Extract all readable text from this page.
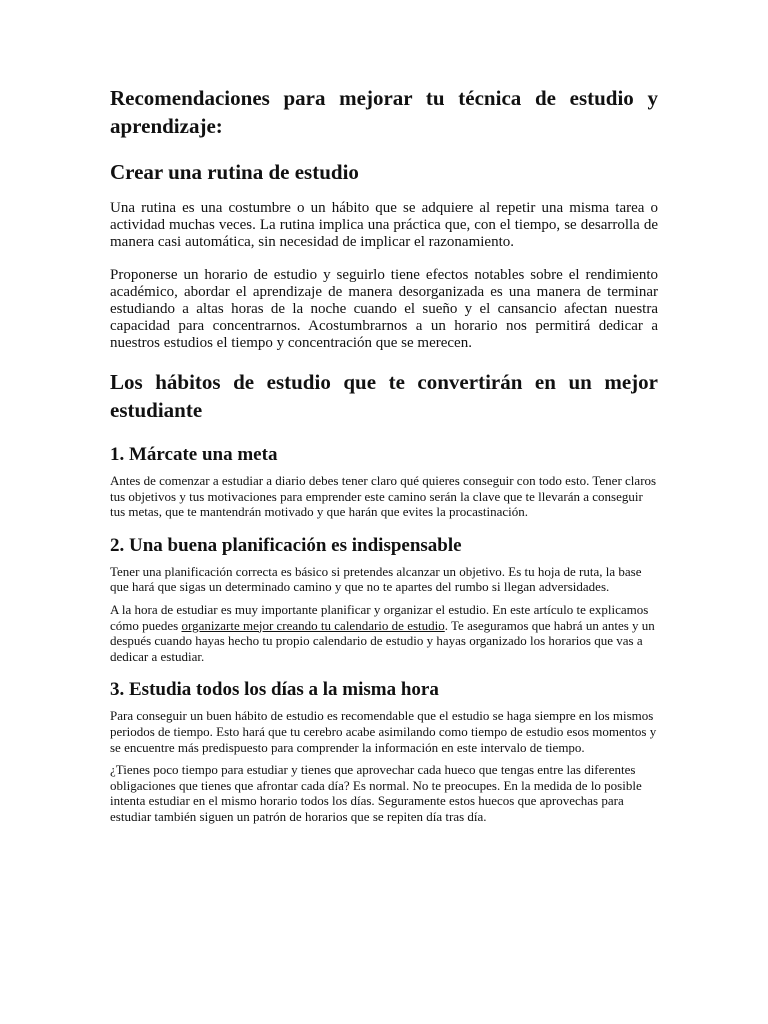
Recomendaciones para mejorar tu técnica de estudio y aprendizaje:
Crear una rutina de estudio

Una rutina es una costumbre o un hábito que se adquiere al repetir una misma tarea o actividad muchas veces. La rutina implica una práctica que, con el tiempo, se desarrolla de manera casi automática, sin necesidad de implicar el razonamiento.

Proponerse un horario de estudio y seguirlo tiene efectos notables sobre el rendimiento académico, abordar el aprendizaje de manera desorganizada es una manera de terminar estudiando a altas horas de la noche cuando el sueño y el cansancio afectan nuestra capacidad para concentrarnos. Acostumbrarnos a un horario nos permitirá dedicar a nuestros estudios el tiempo y concentración que se merecen.

Los hábitos de estudio que te convertirán en un mejor estudiante
1. Márcate una meta

Antes de comenzar a estudiar a diario debes tener claro qué quieres conseguir con todo esto. Tener claros tus objetivos y tus motivaciones para emprender este camino serán la clave que te llevarán a conseguir tus metas, que te mantendrán motivado y que harán que evites la procastinación.

2. Una buena planificación es indispensable

Tener una planificación correcta es básico si pretendes alcanzar un objetivo. Es tu hoja de ruta, la base que hará que sigas un determinado camino y que no te apartes del rumbo si llegan adversidades.

A la hora de estudiar es muy importante planificar y organizar el estudio. En este artículo te explicamos cómo puedes organizarte mejor creando tu calendario de estudio. Te aseguramos que habrá un antes y un después cuando hayas hecho tu propio calendario de estudio y hayas organizado los horarios que vas a dedicar a estudiar.

3. Estudia todos los días a la misma hora

Para conseguir un buen hábito de estudio es recomendable que el estudio se haga siempre en los mismos periodos de tiempo. Esto hará que tu cerebro acabe asimilando como tiempo de estudio esos momentos y se encuentre más predispuesto para comprender la información en este intervalo de tiempo.

¿Tienes poco tiempo para estudiar y tienes que aprovechar cada hueco que tengas entre las diferentes obligaciones que tienes que afrontar cada día? Es normal. No te preocupes. En la medida de lo posible intenta estudiar en el mismo horario todos los días. Seguramente estos huecos que aprovechas para estudiar también siguen un patrón de horarios que se repiten día tras día.
